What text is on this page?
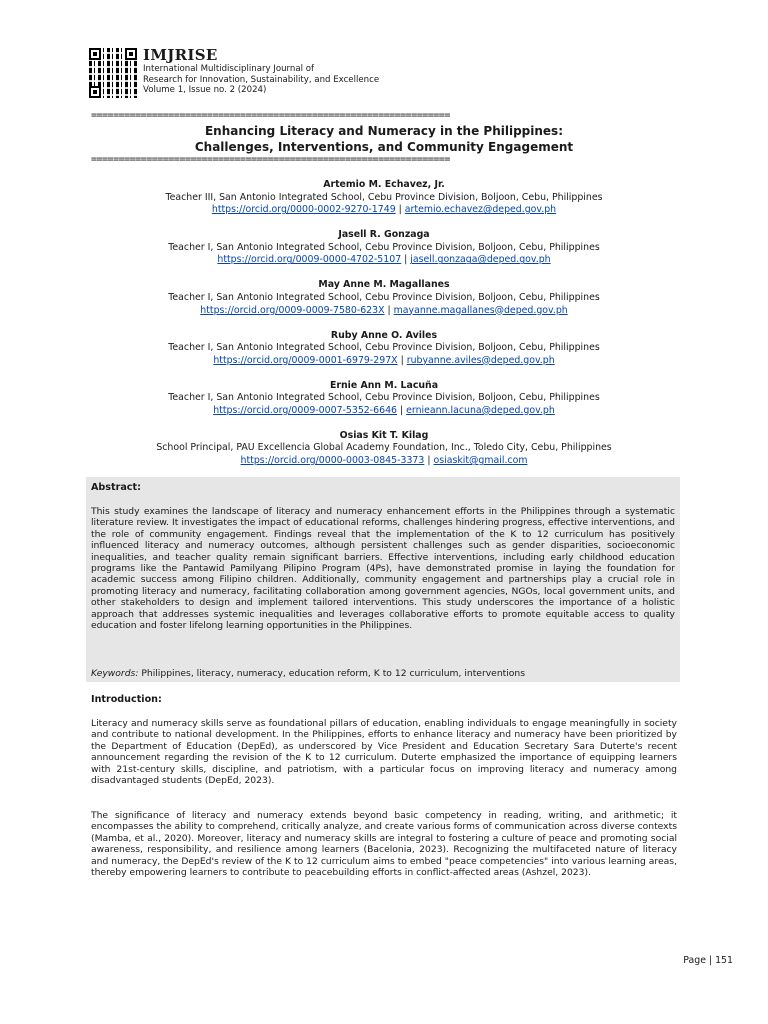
IMJRISE
International Multidisciplinary Journal of
Research for Innovation, Sustainability, and Excellence
Volume 1, Issue no. 2 (2024)
=================================================================
Enhancing Literacy and Numeracy in the Philippines:
Challenges, Interventions, and Community Engagement
=================================================================
Artemio M. Echavez, Jr.
Teacher III, San Antonio Integrated School, Cebu Province Division, Boljoon, Cebu, Philippines
https://orcid.org/0000-0002-9270-1749 | artemio.echavez@deped.gov.ph
Jasell R. Gonzaga
Teacher I, San Antonio Integrated School, Cebu Province Division, Boljoon, Cebu, Philippines
https://orcid.org/0009-0000-4702-5107 | jasell.gonzaga@deped.gov.ph
May Anne M. Magallanes
Teacher I, San Antonio Integrated School, Cebu Province Division, Boljoon, Cebu, Philippines
https://orcid.org/0009-0009-7580-623X | mayanne.magallanes@deped.gov.ph
Ruby Anne O. Aviles
Teacher I, San Antonio Integrated School, Cebu Province Division, Boljoon, Cebu, Philippines
https://orcid.org/0009-0001-6979-297X | rubyanne.aviles@deped.gov.ph
Ernie Ann M. Lacuña
Teacher I, San Antonio Integrated School, Cebu Province Division, Boljoon, Cebu, Philippines
https://orcid.org/0009-0007-5352-6646 | ernieann.lacuna@deped.gov.ph
Osias Kit T. Kilag
School Principal, PAU Excellencia Global Academy Foundation, Inc., Toledo City, Cebu, Philippines
https://orcid.org/0000-0003-0845-3373 | osiaskit@gmail.com
Abstract:
This study examines the landscape of literacy and numeracy enhancement efforts in the Philippines through a systematic literature review. It investigates the impact of educational reforms, challenges hindering progress, effective interventions, and the role of community engagement. Findings reveal that the implementation of the K to 12 curriculum has positively influenced literacy and numeracy outcomes, although persistent challenges such as gender disparities, socioeconomic inequalities, and teacher quality remain significant barriers. Effective interventions, including early childhood education programs like the Pantawid Pamilyang Pilipino Program (4Ps), have demonstrated promise in laying the foundation for academic success among Filipino children. Additionally, community engagement and partnerships play a crucial role in promoting literacy and numeracy, facilitating collaboration among government agencies, NGOs, local government units, and other stakeholders to design and implement tailored interventions. This study underscores the importance of a holistic approach that addresses systemic inequalities and leverages collaborative efforts to promote equitable access to quality education and foster lifelong learning opportunities in the Philippines.
Keywords: Philippines, literacy, numeracy, education reform, K to 12 curriculum, interventions
Introduction:
Literacy and numeracy skills serve as foundational pillars of education, enabling individuals to engage meaningfully in society and contribute to national development. In the Philippines, efforts to enhance literacy and numeracy have been prioritized by the Department of Education (DepEd), as underscored by Vice President and Education Secretary Sara Duterte's recent announcement regarding the revision of the K to 12 curriculum. Duterte emphasized the importance of equipping learners with 21st-century skills, discipline, and patriotism, with a particular focus on improving literacy and numeracy among disadvantaged students (DepEd, 2023).
The significance of literacy and numeracy extends beyond basic competency in reading, writing, and arithmetic; it encompasses the ability to comprehend, critically analyze, and create various forms of communication across diverse contexts (Mamba, et al., 2020). Moreover, literacy and numeracy skills are integral to fostering a culture of peace and promoting social awareness, responsibility, and resilience among learners (Bacelonia, 2023). Recognizing the multifaceted nature of literacy and numeracy, the DepEd's review of the K to 12 curriculum aims to embed "peace competencies" into various learning areas, thereby empowering learners to contribute to peacebuilding efforts in conflict-affected areas (Ashzel, 2023).
Page | 151
